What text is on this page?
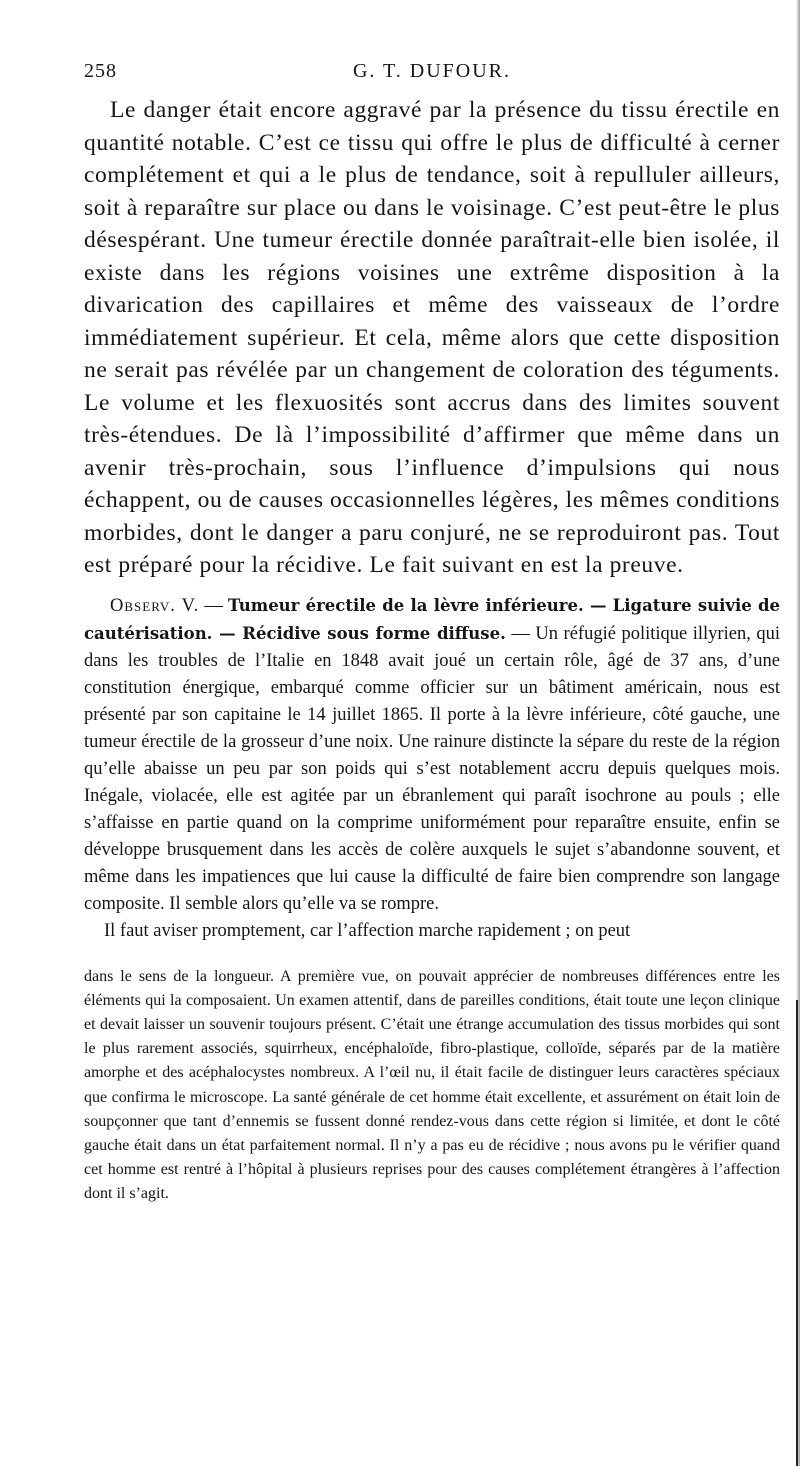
258	G. T. DUFOUR.

Le danger était encore aggravé par la présence du tissu érectile en quantité notable. C’est ce tissu qui offre le plus de difficulté à cerner complétement et qui a le plus de tendance, soit à repulluler ailleurs, soit à reparaître sur place ou dans le voisinage. C’est peut-être le plus désespérant. Une tumeur érectile donnée paraîtrait-elle bien isolée, il existe dans les régions voisines une extrême disposition à la divarication des capillaires et même des vaisseaux de l’ordre immédiatement supérieur. Et cela, même alors que cette disposition ne serait pas révélée par un changement de coloration des téguments. Le volume et les flexuosités sont accrus dans des limites souvent très-étendues. De là l’impossibilité d’affirmer que même dans un avenir très-prochain, sous l’influence d’impulsions qui nous échappent, ou de causes occasionnelles légères, les mêmes conditions morbides, dont le danger a paru conjuré, ne se reproduiront pas. Tout est préparé pour la récidive. Le fait suivant en est la preuve.

Observ. V. — Tumeur érectile de la lèvre inférieure. — Ligature suivie de cautérisation. — Récidive sous forme diffuse. — Un réfugié politique illyrien, qui dans les troubles de l’Italie en 1848 avait joué un certain rôle, âgé de 37 ans, d’une constitution énergique, embarqué comme officier sur un bâtiment américain, nous est présenté par son capitaine le 14 juillet 1865. Il porte à la lèvre inférieure, côté gauche, une tumeur érectile de la grosseur d’une noix. Une rainure distincte la sépare du reste de la région qu’elle abaisse un peu par son poids qui s’est notablement accru depuis quelques mois. Inégale, violacée, elle est agitée par un ébranlement qui paraît isochrone au pouls ; elle s’affaisse en partie quand on la comprime uniformément pour reparaître ensuite, enfin se développe brusquement dans les accès de colère auxquels le sujet s’abandonne souvent, et même dans les impatiences que lui cause la difficulté de faire bien comprendre son langage composite. Il semble alors qu’elle va se rompre.

Il faut aviser promptement, car l’affection marche rapidement ; on peut

dans le sens de la longueur. A première vue, on pouvait apprécier de nombreuses différences entre les éléments qui la composaient. Un examen attentif, dans de pareilles conditions, était toute une leçon clinique et devait laisser un souvenir toujours présent. C’était une étrange accumulation des tissus morbides qui sont le plus rarement associés, squirrheux, encéphaloïde, fibro-plastique, colloïde, séparés par de la matière amorphe et des acéphalocystes nombreux. A l’œil nu, il était facile de distinguer leurs caractères spéciaux que confirma le microscope. La santé générale de cet homme était excellente, et assurément on était loin de soupçonner que tant d’ennemis se fussent donné rendez-vous dans cette région si limitée, et dont le côté gauche était dans un état parfaitement normal. Il n’y a pas eu de récidive ; nous avons pu le vérifier quand cet homme est rentré à l’hôpital à plusieurs reprises pour des causes complétement étrangères à l’affection dont il s’agit.
